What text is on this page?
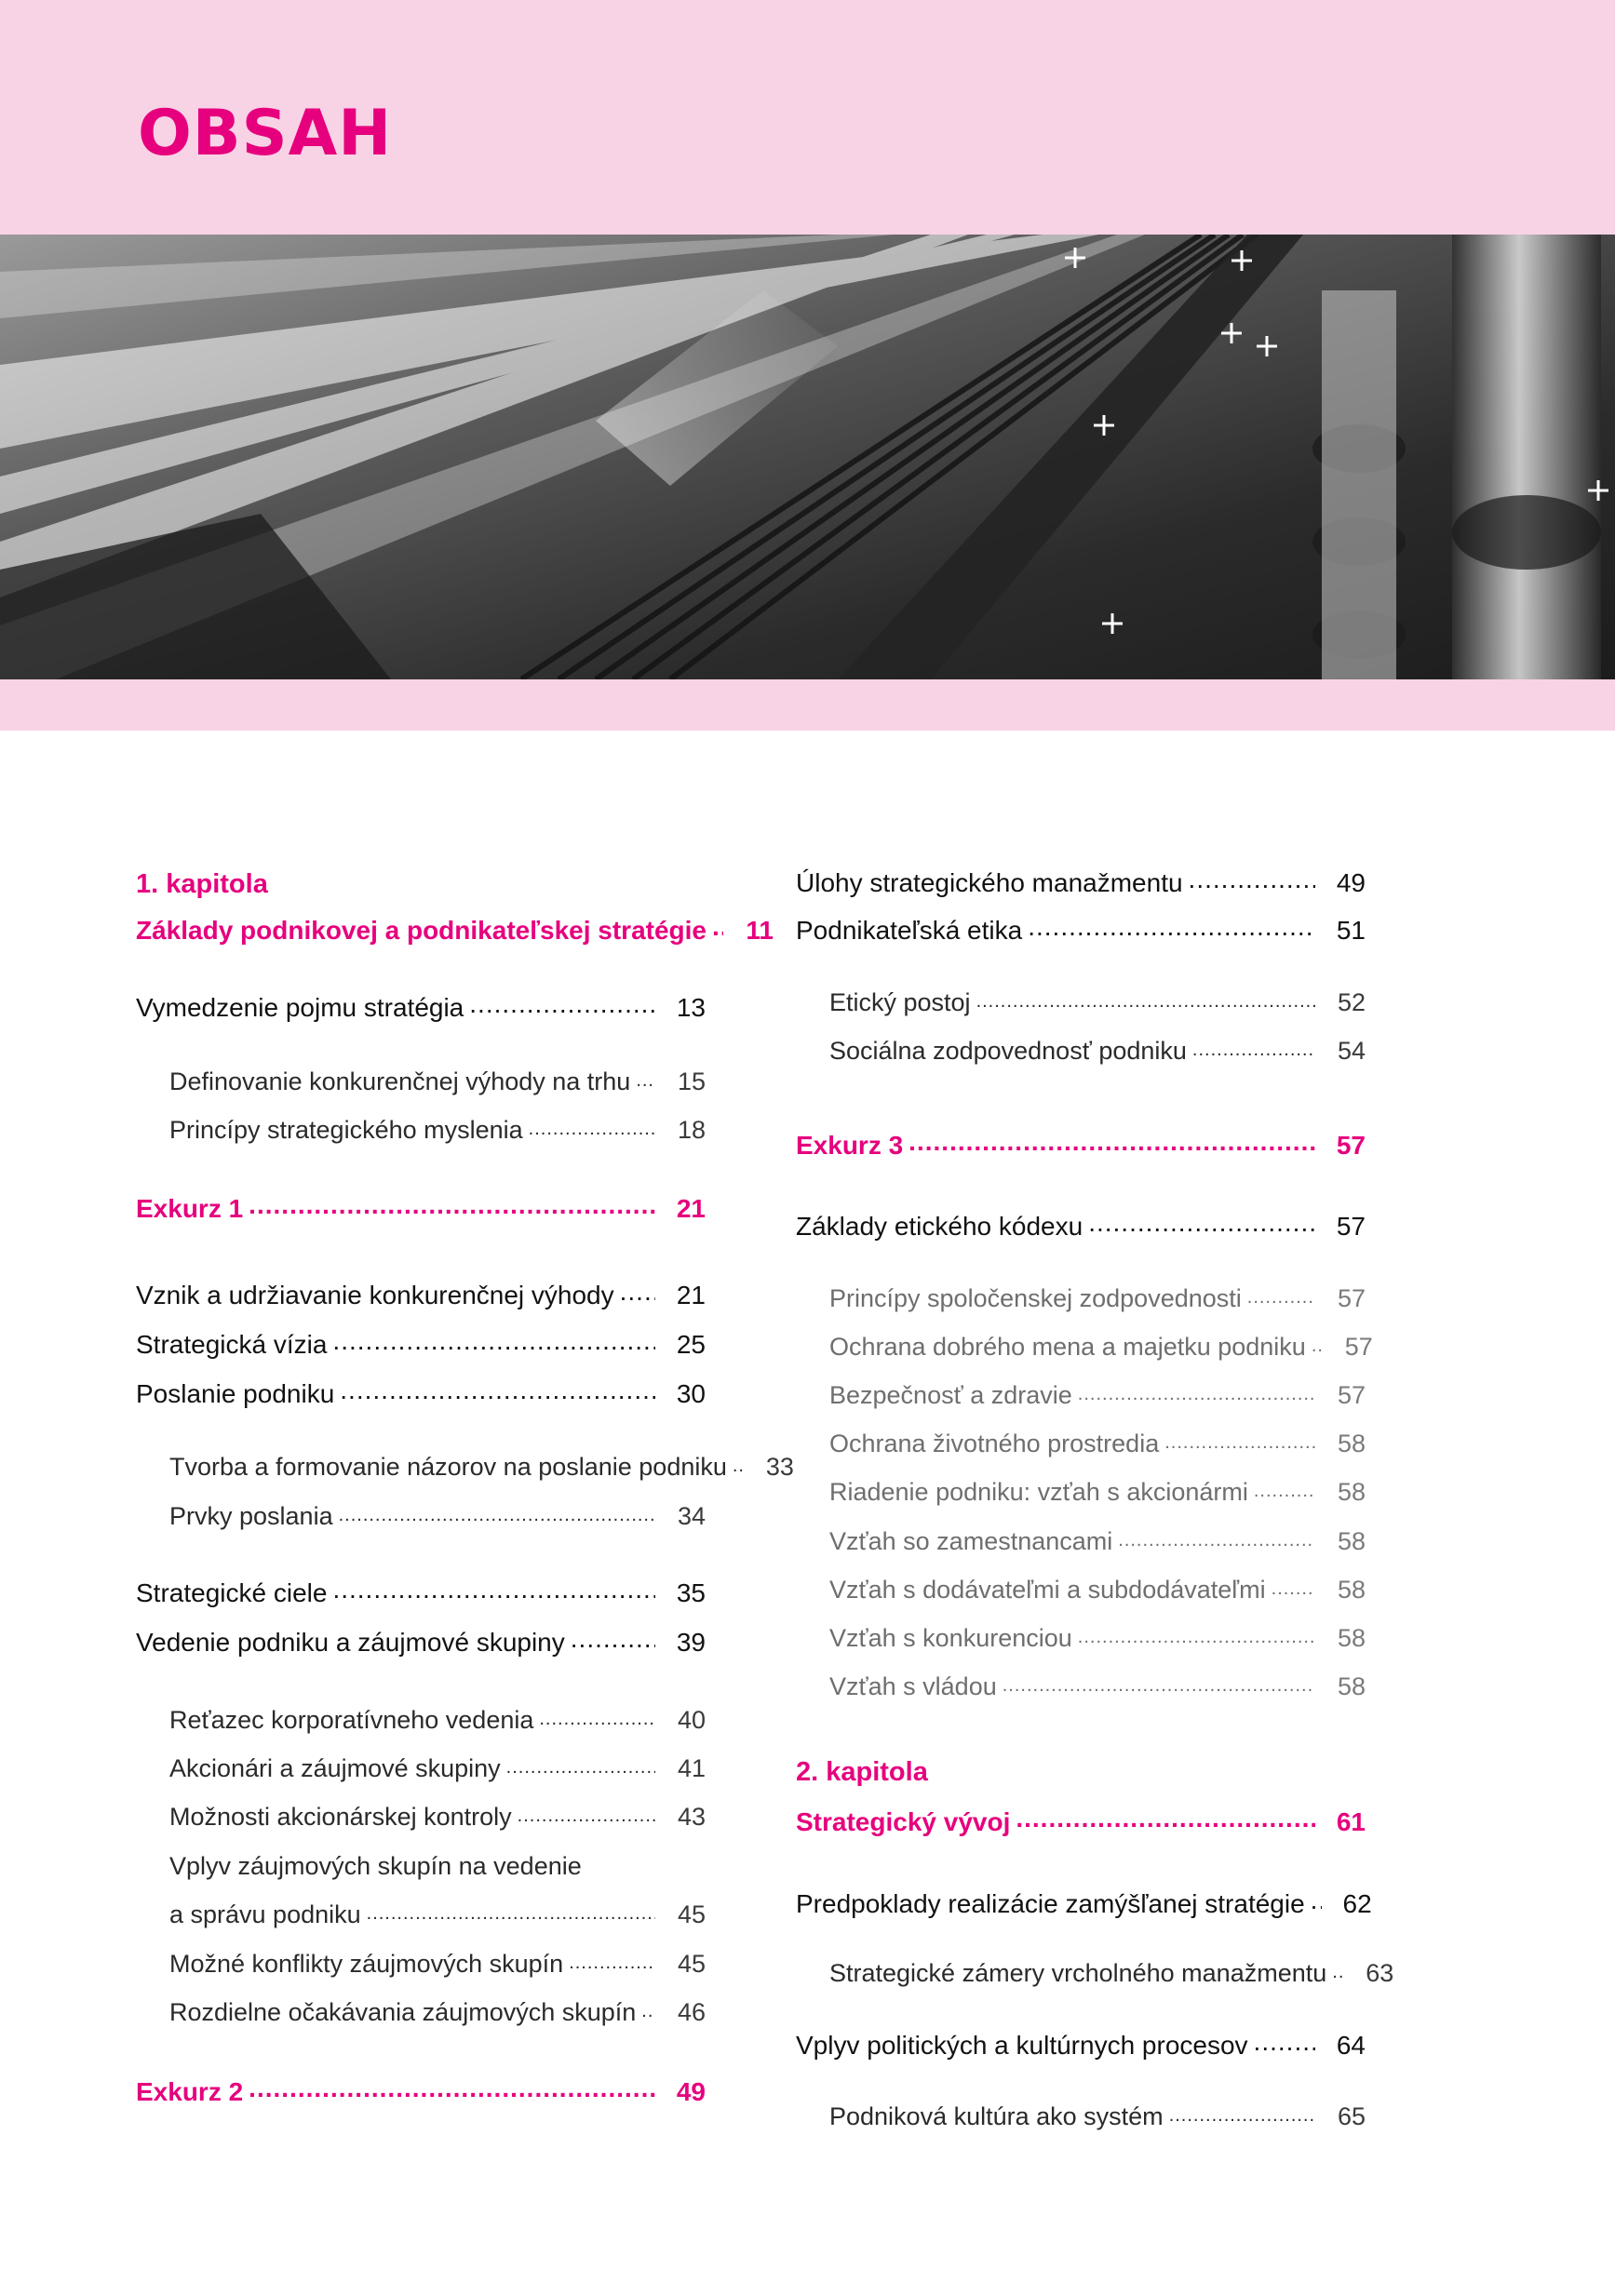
OBSAH
1. kapitola
Základy podnikovej a podnikateľskej stratégie .....	11
Vymedzenie pojmu stratégia .....	13
Definovanie konkurenčnej výhody na trhu .....	15
Princípy strategického myslenia .....	18
Exkurz 1 .....	21
Vznik a udržiavanie konkurenčnej výhody .....	21
Strategická vízia .....	25
Poslanie podniku .....	30
Tvorba a formovanie názorov na poslanie podniku .....	33
Prvky poslania .....	34
Strategické ciele .....	35
Vedenie podniku a záujmové skupiny .....	39
Reťazec korporatívneho vedenia .....	40
Akcionári a záujmové skupiny .....	41
Možnosti akcionárskej kontroly .....	43
Vplyv záujmových skupín na vedenie
a správu podniku .....	45
Možné konflikty záujmových skupín .....	45
Rozdielne očakávania záujmových skupín .....	46
Exkurz 2 .....	49
Úlohy strategického manažmentu .....	49
Podnikateľská etika .....	51
Etický postoj .....	52
Sociálna zodpovednosť podniku .....	54
Exkurz 3 .....	57
Základy etického kódexu .....	57
Princípy spoločenskej zodpovednosti .....	57
Ochrana dobrého mena a majetku podniku .....	57
Bezpečnosť a zdravie .....	57
Ochrana životného prostredia .....	58
Riadenie podniku: vzťah s akcionármi .....	58
Vzťah so zamestnancami .....	58
Vzťah s dodávateľmi a subdodávateľmi .....	58
Vzťah s konkurenciou .....	58
Vzťah s vládou .....	58
2. kapitola
Strategický vývoj .....	61
Predpoklady realizácie zamýšľanej stratégie .....	62
Strategické zámery vrcholného manažmentu .....	63
Vplyv politických a kultúrnych procesov .....	64
Podniková kultúra ako systém .....	65
